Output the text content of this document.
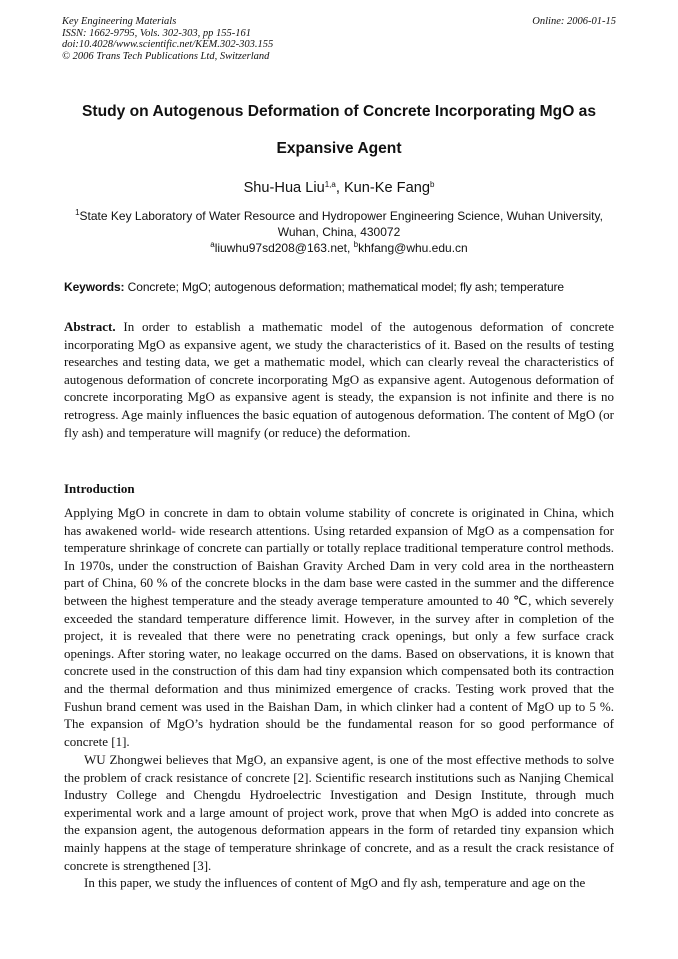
Key Engineering Materials
ISSN: 1662-9795, Vols. 302-303, pp 155-161
doi:10.4028/www.scientific.net/KEM.302-303.155
© 2006 Trans Tech Publications Ltd, Switzerland
Online: 2006-01-15
Study on Autogenous Deformation of Concrete Incorporating MgO as
Expansive Agent
Shu-Hua Liu$^{1,a}$, Kun-Ke Fang$^b$
$^1$State Key Laboratory of Water Resource and Hydropower Engineering Science, Wuhan University,
Wuhan, China, 430072
$^a$liuwhu97sd208@163.net, $^b$khfang@whu.edu.cn
Keywords: Concrete; MgO; autogenous deformation; mathematical model; fly ash; temperature

Abstract. In order to establish a mathematic model of the autogenous deformation of concrete incorporating MgO as expansive agent, we study the characteristics of it. Based on the results of testing researches and testing data, we get a mathematic model, which can clearly reveal the characteristics of autogenous deformation of concrete incorporating MgO as expansive agent. Autogenous deformation of concrete incorporating MgO as expansive agent is steady, the expansion is not infinite and there is no retrogress. Age mainly influences the basic equation of autogenous deformation. The content of MgO (or fly ash) and temperature will magnify (or reduce) the deformation.

Introduction

Applying MgO in concrete in dam to obtain volume stability of concrete is originated in China, which has awakened world- wide research attentions. Using retarded expansion of MgO as a compensation for temperature shrinkage of concrete can partially or totally replace traditional temperature control methods. In 1970s, under the construction of Baishan Gravity Arched Dam in very cold area in the northeastern part of China, 60 % of the concrete blocks in the dam base were casted in the summer and the difference between the highest temperature and the steady average temperature amounted to 40 ℃, which severely exceeded the standard temperature difference limit. However, in the survey after in completion of the project, it is revealed that there were no penetrating crack openings, but only a few surface crack openings. After storing water, no leakage occurred on the dams. Based on observations, it is known that concrete used in the construction of this dam had tiny expansion which compensated both its contraction and the thermal deformation and thus minimized emergence of cracks. Testing work proved that the Fushun brand cement was used in the Baishan Dam, in which clinker had a content of MgO up to 5 %. The expansion of MgO’s hydration should be the fundamental reason for so good performance of concrete [1].

WU Zhongwei believes that MgO, an expansive agent, is one of the most effective methods to solve the problem of crack resistance of concrete [2]. Scientific research institutions such as Nanjing Chemical Industry College and Chengdu Hydroelectric Investigation and Design Institute, through much experimental work and a large amount of project work, prove that when MgO is added into concrete as the expansion agent, the autogenous deformation appears in the form of retarded tiny expansion which mainly happens at the stage of temperature shrinkage of concrete, and as a result the crack resistance of concrete is strengthened [3].

In this paper, we study the influences of content of MgO and fly ash, temperature and age on the
